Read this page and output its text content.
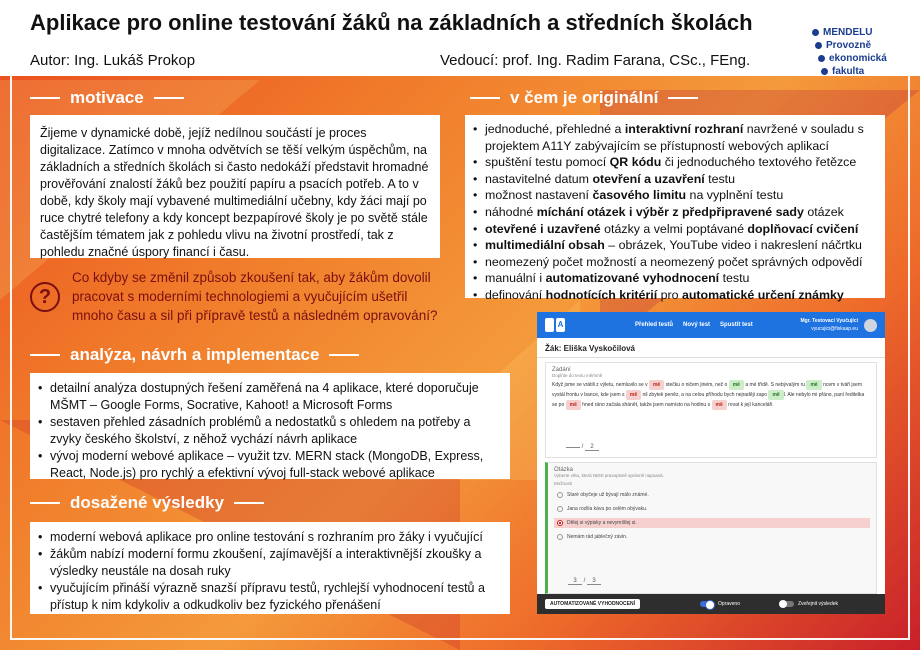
Aplikace pro online testování žáků na základních a středních školách
Autor: Ing. Lukáš Prokop	Vedoucí: prof. Ing. Radim Farana, CSc., FEng.
MENDELU
Provozně
ekonomická
fakulta
motivace
Žijeme v dynamické době, jejíž nedílnou součástí je proces digitalizace. Zatímco v mnoha odvětvích se těší velkým úspěchům, na základních a středních školách si často nedokáží představit hromadné prověřování znalostí žáků bez použití papíru a psacích potřeb. A to v době, kdy školy mají vybavené multimediální učebny, kdy žáci mají po ruce chytré telefony a kdy koncept bezpapírové školy je po světě stále častějším tématem jak z pohledu vlivu na životní prostředí, tak z pohledu značné úspory financí i času.
?
Co kdyby se změnil způsob zkoušení tak, aby žákům dovolil pracovat s moderními technologiemi a vyučujícím ušetřil mnoho času a sil při přípravě testů a následném opravování?
analýza, návrh a implementace
• detailní analýza dostupných řešení zaměřená na 4 aplikace, které doporučuje MŠMT – Google Forms, Socrative, Kahoot! a Microsoft Forms
• sestaven přehled zásadních problémů a nedostatků s ohledem na potřeby a zvyky českého školství, z něhož vychází návrh aplikace
• vývoj moderní webové aplikace – využit tzv. MERN stack (MongoDB, Express, React, Node.js) pro rychlý a efektivní vývoj full-stack webové aplikace
dosažené výsledky
• moderní webová aplikace pro online testování s rozhraním pro žáky i vyučující
• žákům nabízí moderní formu zkoušení, zajímavější a interaktivnější zkoušky a výsledky neustále na dosah ruky
• vyučujícím přináší výrazně snazší přípravu testů, rychlejší vyhodnocení testů a přístup k nim kdykoliv a odkudkoliv bez fyzického přenášení
v čem je originální
• jednoduché, přehledné a interaktivní rozhraní navržené v souladu s projektem A11Y zabývajícím se přístupností webových aplikací
• spuštění testu pomocí QR kódu či jednoduchého textového řetězce
• nastavitelné datum otevření a uzavření testu
• možnost nastavení časového limitu na vyplnění testu
• náhodné míchání otázek i výběr z předpřipravené sady otázek
• otevřené i uzavřené otázky a velmi poptávané doplňovací cvičení
• multimediální obsah – obrázek, YouTube video i nakreslení náčrtku
• neomezený počet možností a neomezený počet správných odpovědí
• manuální i automatizované vyhodnocení testu
• definování hodnotících kritérií pro automatické určení známky
A	Přehled testů Nový test Spustit test
Mgr. Testovací Vyučující
vyucujici@fiskaap.eu
Žák: Eliška Vyskočilová
Zadání
Doplňte do textu mě/mně

Když jsme se vrátili z výletu, nemluvilo se v mě stečku o ničem jiném, než o mě a mé třídě. S nebývalým ru mě ncem v tváři jsem vystál frontu v bance, kde jsem s mě nil zbytek peněz, a na celou příhodu bych nejraději zapo mě l. Ale nebylo mi přáno, paní ředitelka se po mě hned ráno začala shánět, takže jsem namísto na hodinu s mě rovat k její kanceláři.

/ 2
Otázka
Vyberte větu, která NENÍ pravopisně správně napsaná.
Možnosti
Staré obyčeje už bývají málo známé.
Jana rozlila kávu po celém obývaku.
Dělej si výpisky a nevymíšlej si.
Nemám rád jablečný závin.
3 / 3
AUTOMATIZOVANÉ VYHODNOCENÍ	Opraveno	Zveřejnit výsledek
